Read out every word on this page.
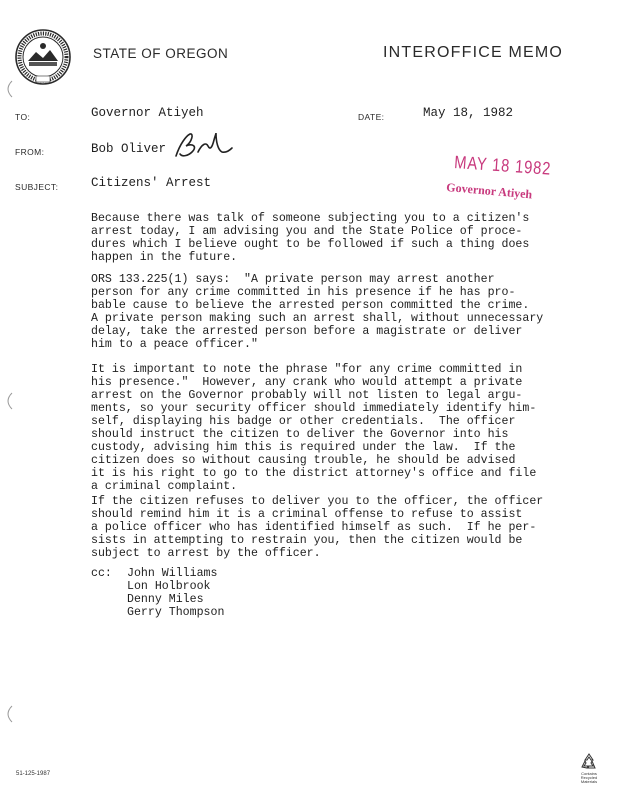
STATE OF OREGON	INTEROFFICE MEMO
TO:	Governor Atiyeh	DATE:	May 18, 1982
FROM:	Bob Oliver
SUBJECT:	Citizens' Arrest
MAY 18 1982
Governor Atiyeh
Because there was talk of someone subjecting you to a citizen's
arrest today, I am advising you and the State Police of proce-
dures which I believe ought to be followed if such a thing does
happen in the future.
ORS 133.225(1) says:  "A private person may arrest another
person for any crime committed in his presence if he has pro-
bable cause to believe the arrested person committed the crime.
A private person making such an arrest shall, without unnecessary
delay, take the arrested person before a magistrate or deliver
him to a peace officer."
It is important to note the phrase "for any crime committed in
his presence."  However, any crank who would attempt a private
arrest on the Governor probably will not listen to legal argu-
ments, so your security officer should immediately identify him-
self, displaying his badge or other credentials.  The officer
should instruct the citizen to deliver the Governor into his
custody, advising him this is required under the law.  If the
citizen does so without causing trouble, he should be advised
it is his right to go to the district attorney's office and file
a criminal complaint.
If the citizen refuses to deliver you to the officer, the officer
should remind him it is a criminal offense to refuse to assist
a police officer who has identified himself as such.  If he per-
sists in attempting to restrain you, then the citizen would be
subject to arrest by the officer.
cc: John Williams
Lon Holbrook
Denny Miles
Gerry Thompson
51-125-1987	Contains
Recycled
Materials
